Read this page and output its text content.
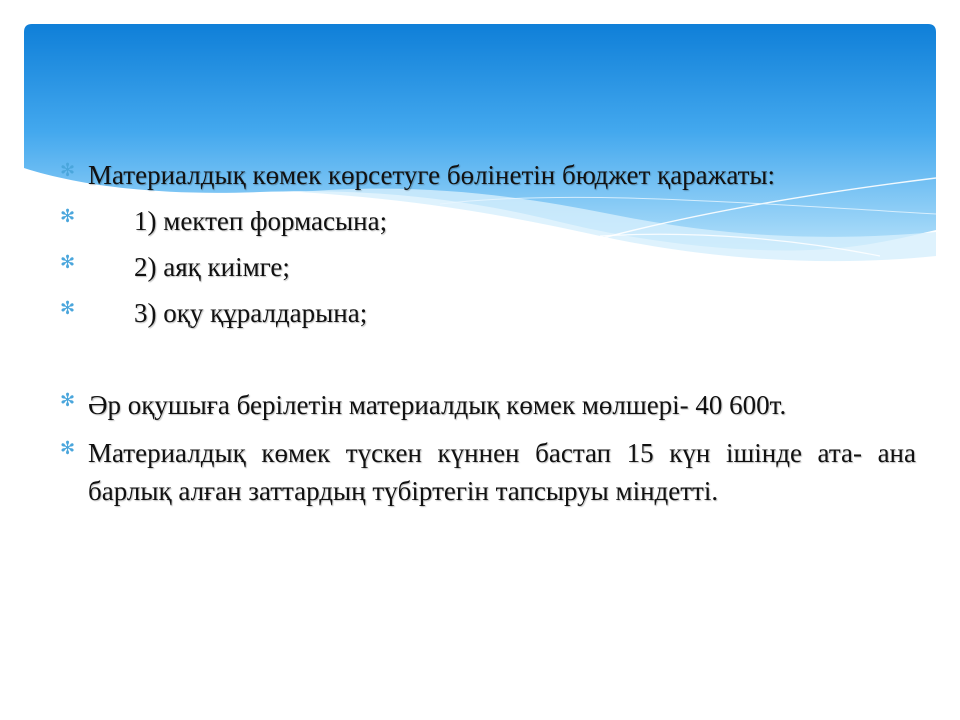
✻ Материалдық көмек көрсетуге бөлінетін бюджет қаражаты:
✻	1) мектеп формасына;
✻	2) аяқ киімге;
✻	3) оқу құралдарына;
✻ Әр оқушыға берілетін материалдық көмек мөлшері- 40 600т.
✻ Материалдық көмек түскен күннен бастап 15 күн ішінде ата- ана барлық алған заттардың түбіртегін тапсыруы міндетті.
